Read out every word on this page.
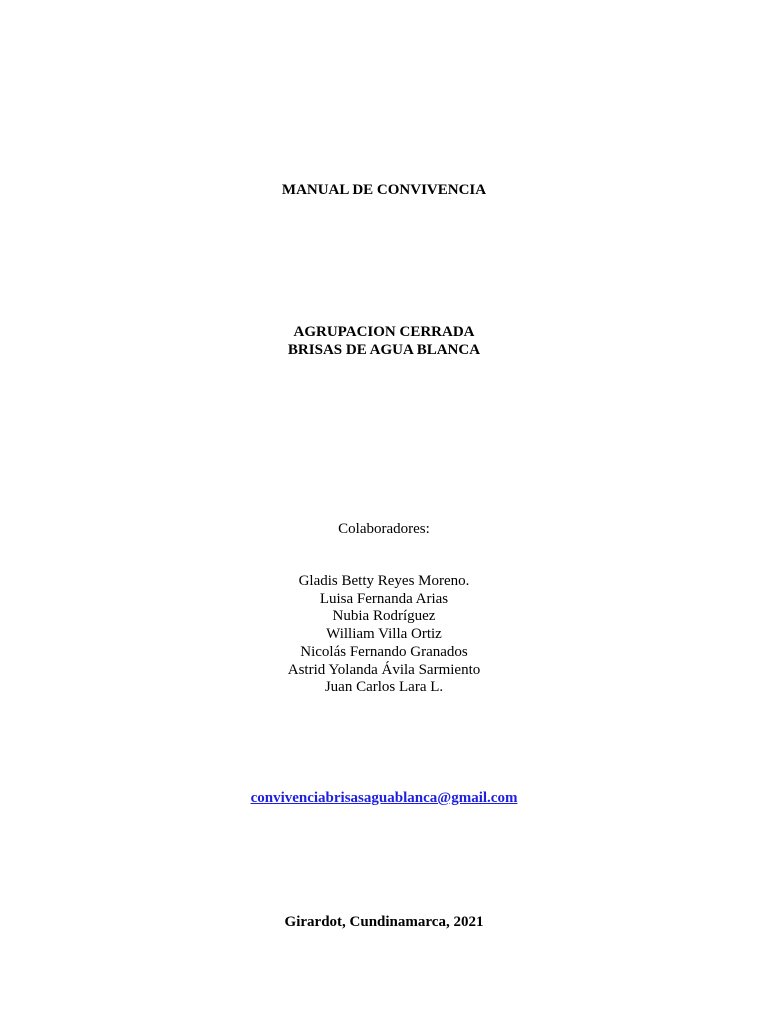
MANUAL DE CONVIVENCIA
AGRUPACION CERRADA
BRISAS DE AGUA BLANCA
Colaboradores:
Gladis Betty Reyes Moreno.
Luisa Fernanda Arias
Nubia Rodríguez
William Villa Ortiz
Nicolás Fernando Granados
Astrid Yolanda Ávila Sarmiento
Juan Carlos Lara L.
convivenciabrisasaguablanca@gmail.com
Girardot, Cundinamarca, 2021
